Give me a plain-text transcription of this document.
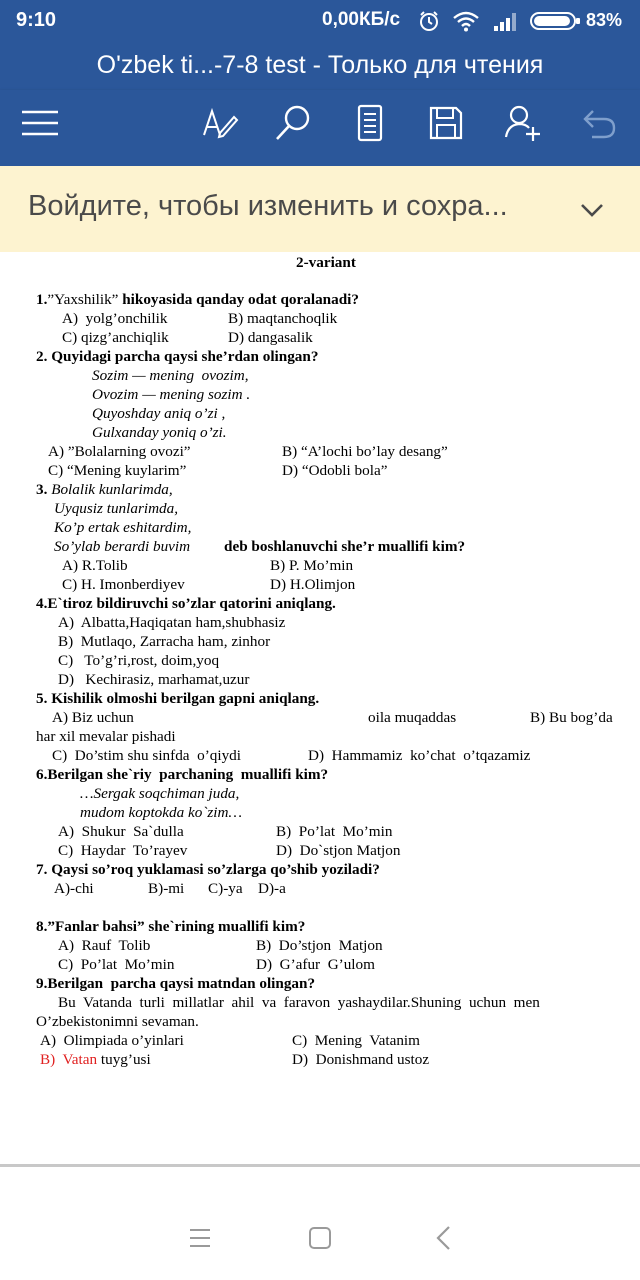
9:10	0,00КБ/с	83%
O'zbek ti...-7-8 test - Только для чтения
Войдите, чтобы изменить и сохра...
2-variant
1.”Yaxshilik” hikoyasida qanday odat qoralanadi?
A)  yolg’onchilik	B) maqtanchoqlik
C) qizg’anchiqlik	D) dangasalik
2. Quyidagi parcha qaysi she’rdan olingan?
Sozim — mening  ovozim,
Ovozim — mening sozim .
Quyoshday aniq o’zi ,
Gulxanday yoniq o’zi.
A) ”Bolalarning ovozi”	B) “A’lochi bo’lay desang”
C) “Mening kuylarim”	D) “Odobli bola”
3. Bolalik kunlarimda,
Uyqusiz tunlarimda,
Ko’p ertak eshitardim,
So’ylab berardi buvim deb boshlanuvchi she’r muallifi kim?
A) R.Tolib	B) P. Mo’min
C) H. Imonberdiyev	D) H.Olimjon
4.E`tiroz bildiruvchi so’zlar qatorini aniqlang.
A)  Albatta,Haqiqatan ham,shubhasiz
B)  Mutlaqo, Zarracha ham, zinhor
C)   To’g’ri,rost, doim,yoq
D)   Kechirasiz, marhamat,uzur
5. Kishilik olmoshi berilgan gapni aniqlang.
A) Biz uchun	oila muqaddas	B) Bu bog’da
har xil mevalar pishadi
C)  Do’stim shu sinfda  o’qiydi	D)  Hammamiz  ko’chat  o’tqazamiz
6.Berilgan she`riy  parchaning  muallifi kim?
…Sergak soqchiman juda,
mudom koptokda ko`zim…
A)  Shukur  Sa`dulla	B)  Po’lat  Mo’min
C)  Haydar  To’rayev	D)  Do`stjon Matjon
7. Qaysi so’roq yuklamasi so’zlarga qo’shib yoziladi?
A)-chi	B)-mi C)-ya D)-a
8.”Fanlar bahsi” she`rining muallifi kim?
A)  Rauf  Tolib	B)  Do’stjon  Matjon
C)  Po’lat  Mo’min	D)  G’afur  G’ulom
9.Berilgan  parcha qaysi matndan olingan?
Bu  Vatanda  turli  millatlar  ahil  va  faravon  yashaydilar.Shuning  uchun  men
O’zbekistonimni sevaman.
A)  Olimpiada o’yinlari	C)  Mening  Vatanim
B)  Vatan tuyg’usi	D)  Donishmand ustoz
